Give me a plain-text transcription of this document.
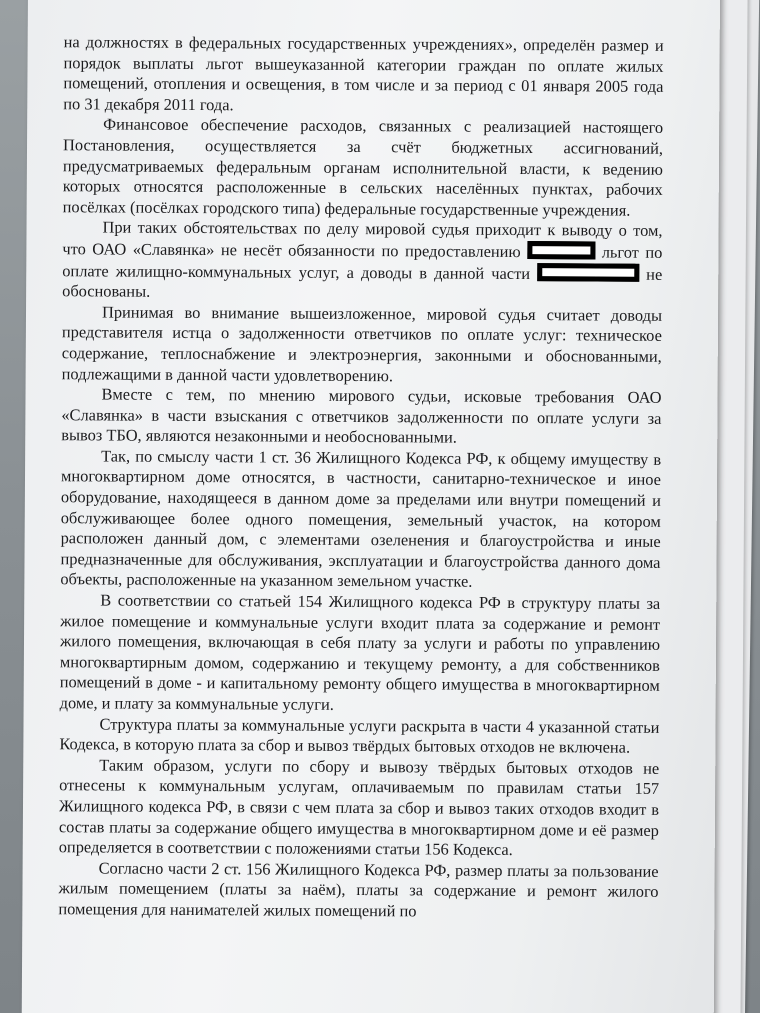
на должностях в федеральных государственных учреждениях», определён размер и порядок выплаты льгот вышеуказанной категории граждан по оплате жилых помещений, отопления и освещения, в том числе и за период с 01 января 2005 года по 31 декабря 2011 года.

Финансовое обеспечение расходов, связанных с реализацией настоящего Постановления, осуществляется за счёт бюджетных ассигнований, предусматриваемых федеральным органам исполнительной власти, к ведению которых относятся расположенные в сельских населённых пунктах, рабочих посёлках (посёлках городского типа) федеральные государственные учреждения.

При таких обстоятельствах по делу мировой судья приходит к выводу о том, что ОАО «Славянка» не несёт обязанности по предоставлению	льгот по оплате жилищно-коммунальных услуг, а доводы в данной части	не обоснованы.

Принимая во внимание вышеизложенное, мировой судья считает доводы представителя истца о задолженности ответчиков по оплате услуг: техническое содержание, теплоснабжение и электроэнергия, законными и обоснованными, подлежащими в данной части удовлетворению.

Вместе с тем, по мнению мирового судьи, исковые требования ОАО «Славянка» в части взыскания с ответчиков задолженности по оплате услуги за вывоз ТБО, являются незаконными и необоснованными.

Так, по смыслу части 1 ст. 36 Жилищного Кодекса РФ, к общему имуществу в многоквартирном доме относятся, в частности, санитарно-техническое и иное оборудование, находящееся в данном доме за пределами или внутри помещений и обслуживающее более одного помещения, земельный участок, на котором расположен данный дом, с элементами озеленения и благоустройства и иные предназначенные для обслуживания, эксплуатации и благоустройства данного дома объекты, расположенные на указанном земельном участке.

В соответствии со статьей 154 Жилищного кодекса РФ в структуру платы за жилое помещение и коммунальные услуги входит плата за содержание и ремонт жилого помещения, включающая в себя плату за услуги и работы по управлению многоквартирным домом, содержанию и текущему ремонту, а для собственников помещений в доме - и капитальному ремонту общего имущества в многоквартирном доме, и плату за коммунальные услуги.

Структура платы за коммунальные услуги раскрыта в части 4 указанной статьи Кодекса, в которую плата за сбор и вывоз твёрдых бытовых отходов не включена.

Таким образом, услуги по сбору и вывозу твёрдых бытовых отходов не отнесены к коммунальным услугам, оплачиваемым по правилам статьи 157 Жилищного кодекса РФ, в связи с чем плата за сбор и вывоз таких отходов входит в состав платы за содержание общего имущества в многоквартирном доме и её размер определяется в соответствии с положениями статьи 156 Кодекса.

Согласно части 2 ст. 156 Жилищного Кодекса РФ, размер платы за пользование жилым помещением (платы за наём), платы за содержание и ремонт жилого помещения для нанимателей жилых помещений по
